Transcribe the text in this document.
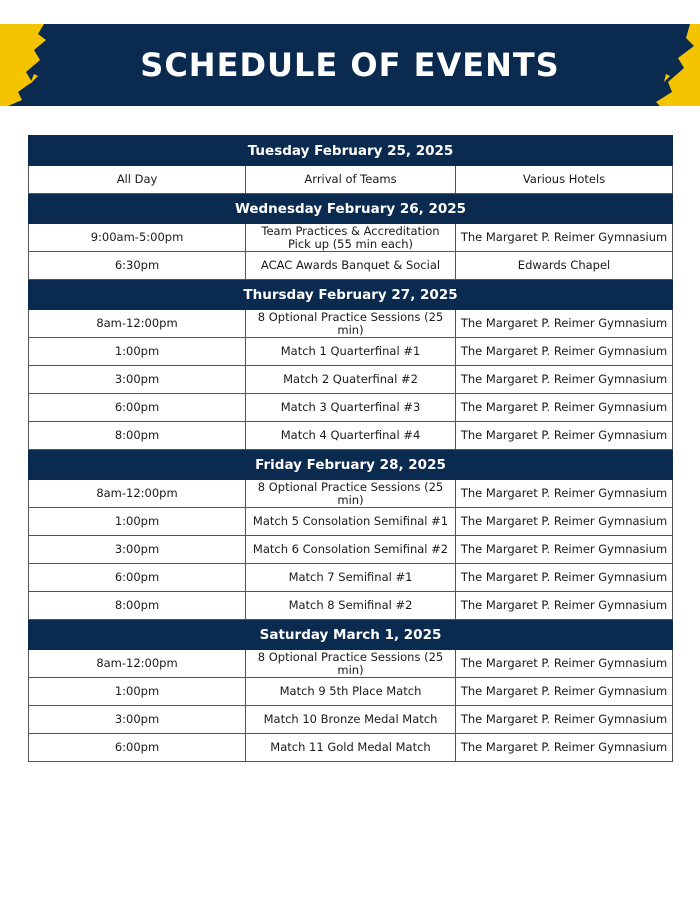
SCHEDULE OF EVENTS
Tuesday February 25, 2025		
All Day	Arrival of Teams	Various Hotels
Wednesday February 26, 2025		
9:00am-5:00pm	Team Practices & Accreditation Pick up (55 min each)	The Margaret P. Reimer Gymnasium
6:30pm	ACAC Awards Banquet & Social	Edwards Chapel
Thursday February 27, 2025		
8am-12:00pm	8 Optional Practice Sessions (25 min)	The Margaret P. Reimer Gymnasium
1:00pm	Match 1 Quarterfinal #1	The Margaret P. Reimer Gymnasium
3:00pm	Match 2 Quaterfinal #2	The Margaret P. Reimer Gymnasium
6:00pm	Match 3 Quarterfinal #3	The Margaret P. Reimer Gymnasium
8:00pm	Match 4 Quarterfinal #4	The Margaret P. Reimer Gymnasium
Friday February 28, 2025		
8am-12:00pm	8 Optional Practice Sessions (25 min)	The Margaret P. Reimer Gymnasium
1:00pm	Match 5 Consolation Semifinal #1	The Margaret P. Reimer Gymnasium
3:00pm	Match 6 Consolation Semifinal #2	The Margaret P. Reimer Gymnasium
6:00pm	Match 7 Semifinal #1	The Margaret P. Reimer Gymnasium
8:00pm	Match 8 Semifinal #2	The Margaret P. Reimer Gymnasium
Saturday March 1, 2025		
8am-12:00pm	8 Optional Practice Sessions (25 min)	The Margaret P. Reimer Gymnasium
1:00pm	Match 9 5th Place Match	The Margaret P. Reimer Gymnasium
3:00pm	Match 10 Bronze Medal Match	The Margaret P. Reimer Gymnasium
6:00pm	Match 11 Gold Medal Match	The Margaret P. Reimer Gymnasium
